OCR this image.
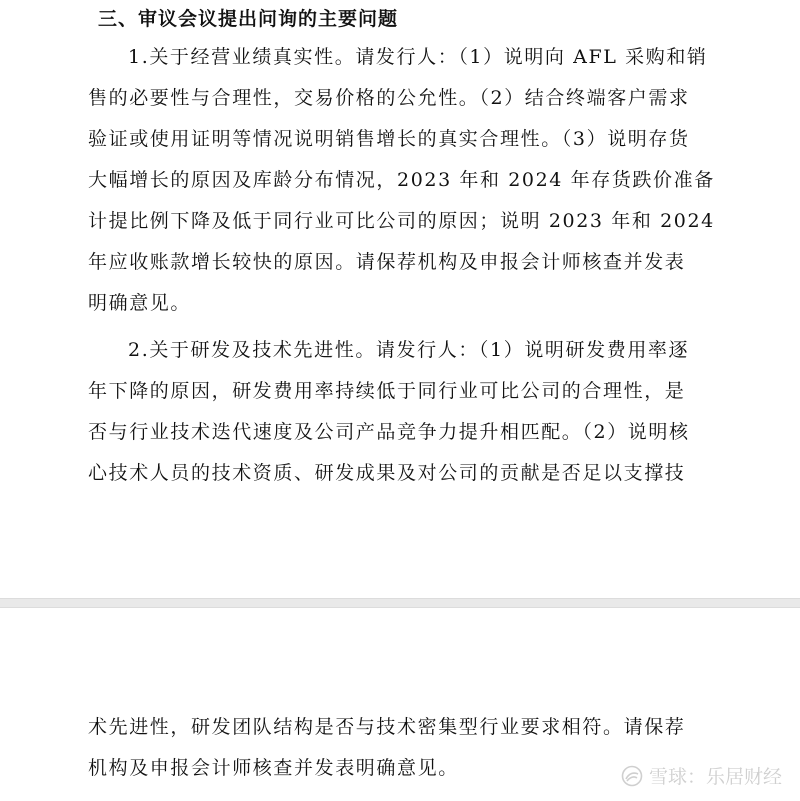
三、审议会议提出问询的主要问题

1.关于经营业绩真实性。请发行人：（1）说明向 AFL 采购和销
售的必要性与合理性，交易价格的公允性。（2）结合终端客户需求
验证或使用证明等情况说明销售增长的真实合理性。（3）说明存货
大幅增长的原因及库龄分布情况，2023 年和 2024 年存货跌价准备
计提比例下降及低于同行业可比公司的原因；说明 2023 年和 2024
年应收账款增长较快的原因。请保荐机构及申报会计师核查并发表
明确意见。

2.关于研发及技术先进性。请发行人：（1）说明研发费用率逐
年下降的原因，研发费用率持续低于同行业可比公司的合理性，是
否与行业技术迭代速度及公司产品竞争力提升相匹配。（2）说明核
心技术人员的技术资质、研发成果及对公司的贡献是否足以支撑技

术先进性，研发团队结构是否与技术密集型行业要求相符。请保荐
机构及申报会计师核查并发表明确意见。	雪球：乐居财经
